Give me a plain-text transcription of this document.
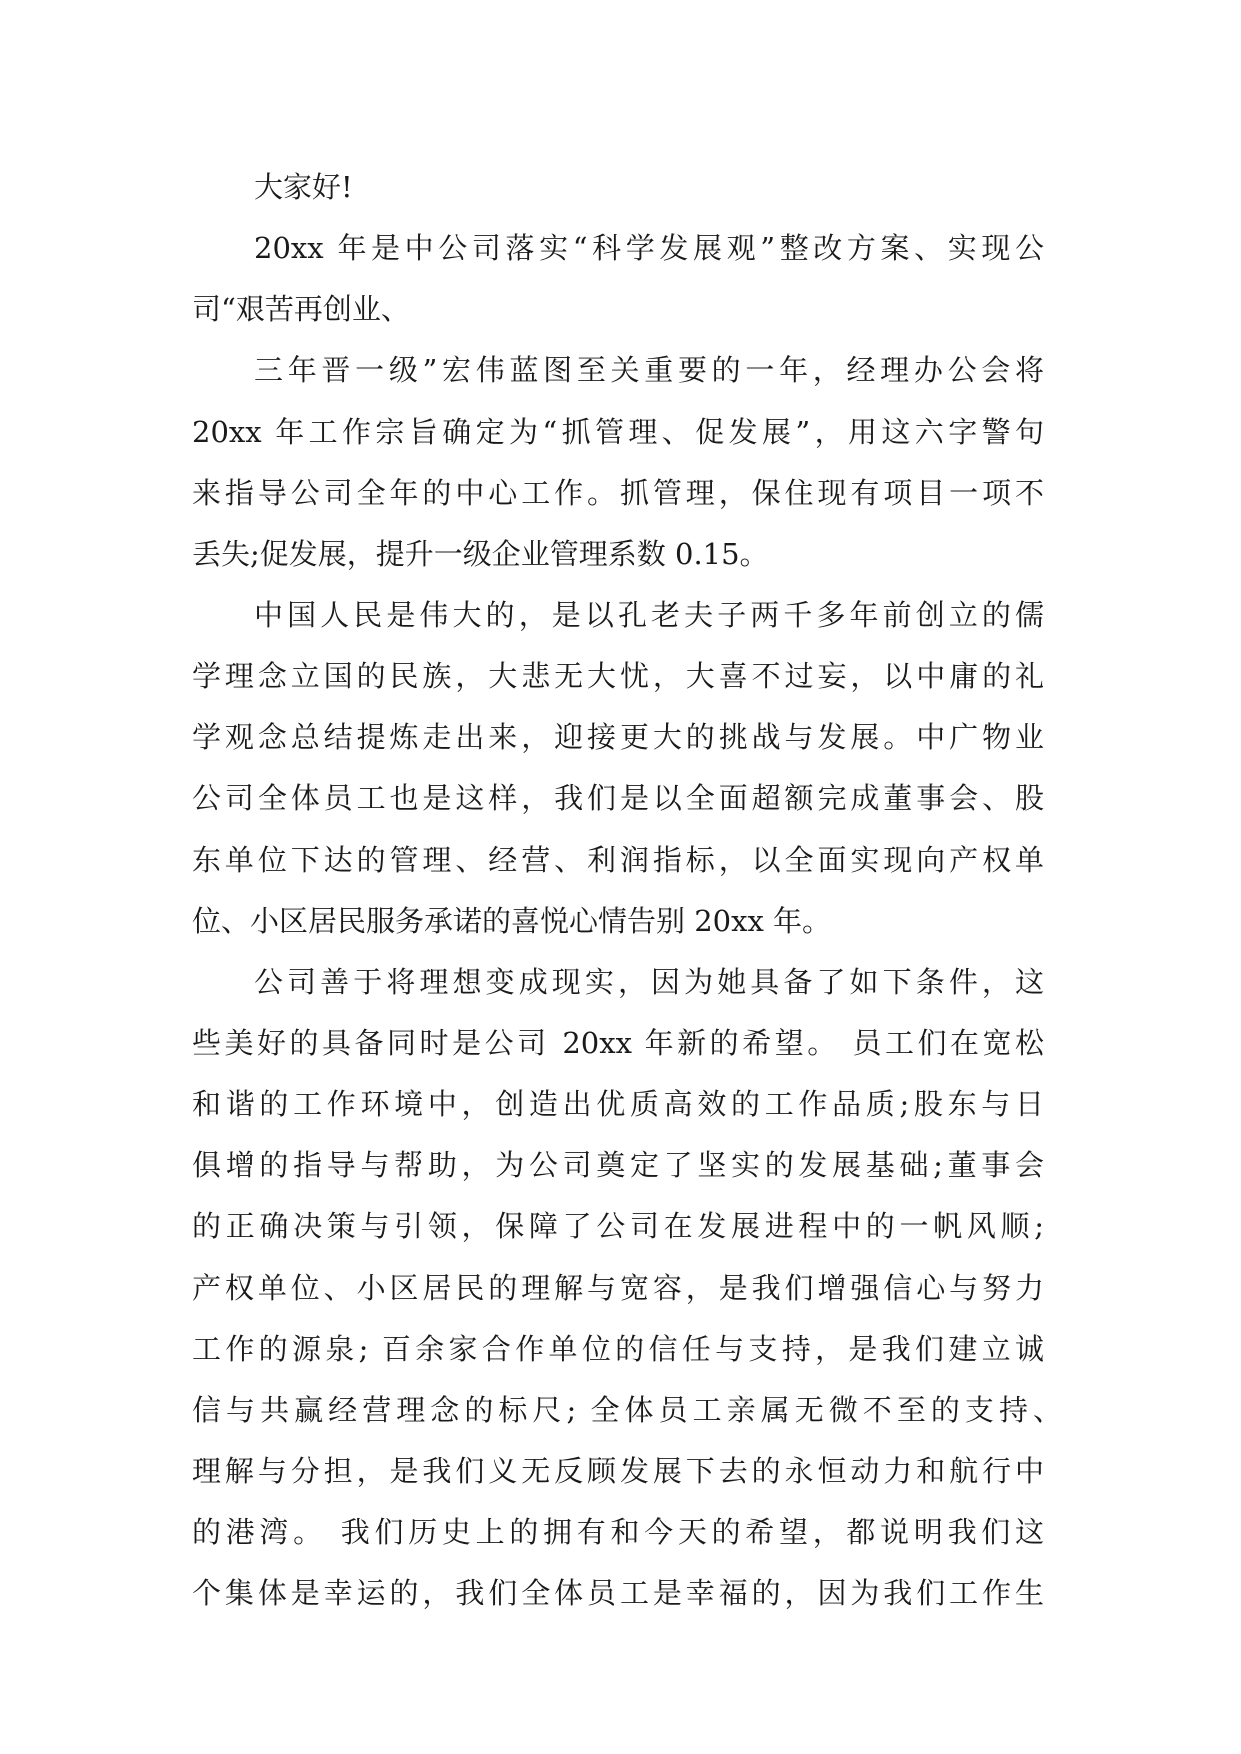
大家好!
20xx 年是中公司落实“科学发展观”整改方案、实现公
司“艰苦再创业、
三年晋一级”宏伟蓝图至关重要的一年，经理办公会将
20xx 年工作宗旨确定为“抓管理、促发展”，用这六字警句
来指导公司全年的中心工作。抓管理，保住现有项目一项不
丢失;促发展，提升一级企业管理系数 0.15。
中国人民是伟大的，是以孔老夫子两千多年前创立的儒
学理念立国的民族，大悲无大忧，大喜不过妄，以中庸的礼
学观念总结提炼走出来，迎接更大的挑战与发展。中广物业
公司全体员工也是这样，我们是以全面超额完成董事会、股
东单位下达的管理、经营、利润指标，以全面实现向产权单
位、小区居民服务承诺的喜悦心情告别 20xx 年。
公司善于将理想变成现实，因为她具备了如下条件，这
些美好的具备同时是公司 20xx 年新的希望。 员工们在宽松
和谐的工作环境中，创造出优质高效的工作品质;股东与日
俱增的指导与帮助，为公司奠定了坚实的发展基础;董事会
的正确决策与引领，保障了公司在发展进程中的一帆风顺;
产权单位、小区居民的理解与宽容，是我们增强信心与努力
工作的源泉; 百余家合作单位的信任与支持，是我们建立诚
信与共赢经营理念的标尺; 全体员工亲属无微不至的支持、
理解与分担，是我们义无反顾发展下去的永恒动力和航行中
的港湾。 我们历史上的拥有和今天的希望，都说明我们这
个集体是幸运的，我们全体员工是幸福的，因为我们工作生
